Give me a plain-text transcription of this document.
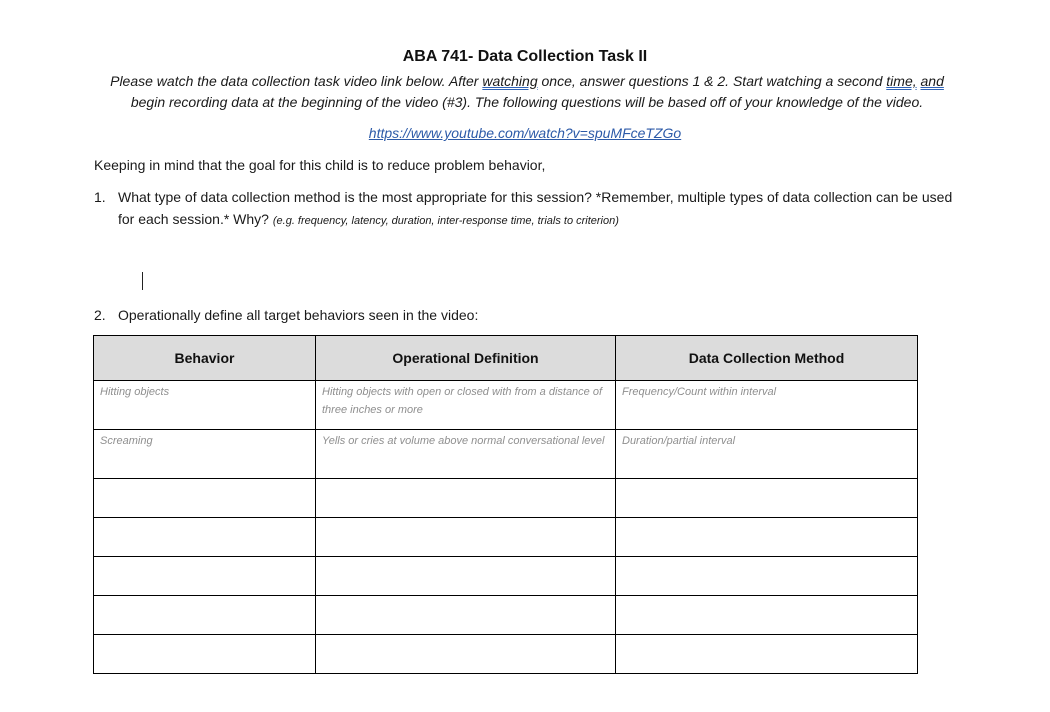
ABA 741- Data Collection Task II
Please watch the data collection task video link below. After watching once, answer questions 1 & 2. Start watching a second time, and begin recording data at the beginning of the video (#3). The following questions will be based off of your knowledge of the video.
https://www.youtube.com/watch?v=spuMFceTZGo
Keeping in mind that the goal for this child is to reduce problem behavior,
1. What type of data collection method is the most appropriate for this session? *Remember, multiple types of data collection can be used for each session.* Why? (e.g. frequency, latency, duration, inter-response time, trials to criterion)
2. Operationally define all target behaviors seen in the video:
Behavior	Operational Definition	Data Collection Method
Hitting objects	Hitting objects with open or closed with from a distance of three inches or more	Frequency/Count within interval
Screaming	Yells or cries at volume above normal conversational level	Duration/partial interval
